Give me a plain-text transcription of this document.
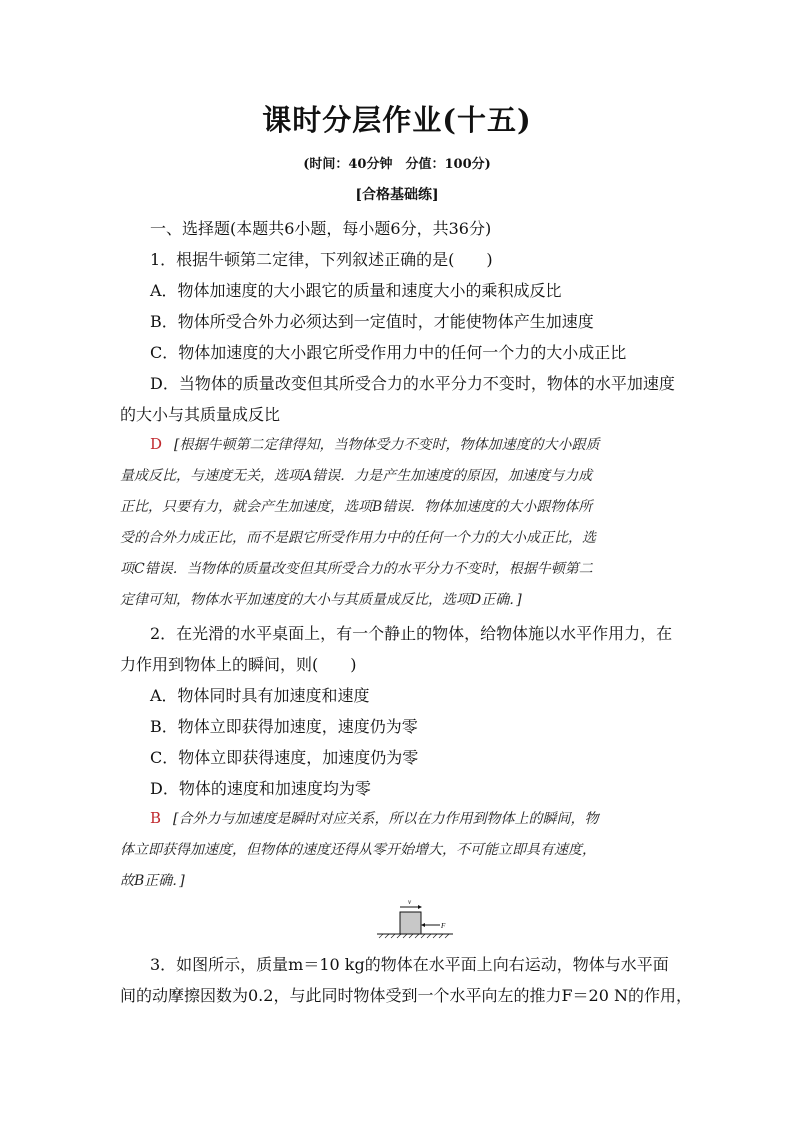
课时分层作业(十五)
(时间：40分钟　分值：100分)
[合格基础练]
一、选择题(本题共6小题，每小题6分，共36分)
1．根据牛顿第二定律，下列叙述正确的是(　　)
A．物体加速度的大小跟它的质量和速度大小的乘积成反比
B．物体所受合外力必须达到一定值时，才能使物体产生加速度
C．物体加速度的大小跟它所受作用力中的任何一个力的大小成正比
D．当物体的质量改变但其所受合力的水平分力不变时，物体的水平加速度
的大小与其质量成反比
D [根据牛顿第二定律得知，当物体受力不变时，物体加速度的大小跟质
量成反比，与速度无关，选项A错误．力是产生加速度的原因，加速度与力成
正比，只要有力，就会产生加速度，选项B错误．物体加速度的大小跟物体所
受的合外力成正比，而不是跟它所受作用力中的任何一个力的大小成正比，选
项C错误．当物体的质量改变但其所受合力的水平分力不变时，根据牛顿第二
定律可知，物体水平加速度的大小与其质量成反比，选项D正确．]
2．在光滑的水平桌面上，有一个静止的物体，给物体施以水平作用力，在
力作用到物体上的瞬间，则(　　)
A．物体同时具有加速度和速度
B．物体立即获得加速度，速度仍为零
C．物体立即获得速度，加速度仍为零
D．物体的速度和加速度均为零
B [合外力与加速度是瞬时对应关系，所以在力作用到物体上的瞬间，物
体立即获得加速度，但物体的速度还得从零开始增大，不可能立即具有速度，
故B正确．]
v
F
3．如图所示，质量m＝10 kg的物体在水平面上向右运动，物体与水平面
间的动摩擦因数为0.2，与此同时物体受到一个水平向左的推力F＝20 N的作用，
